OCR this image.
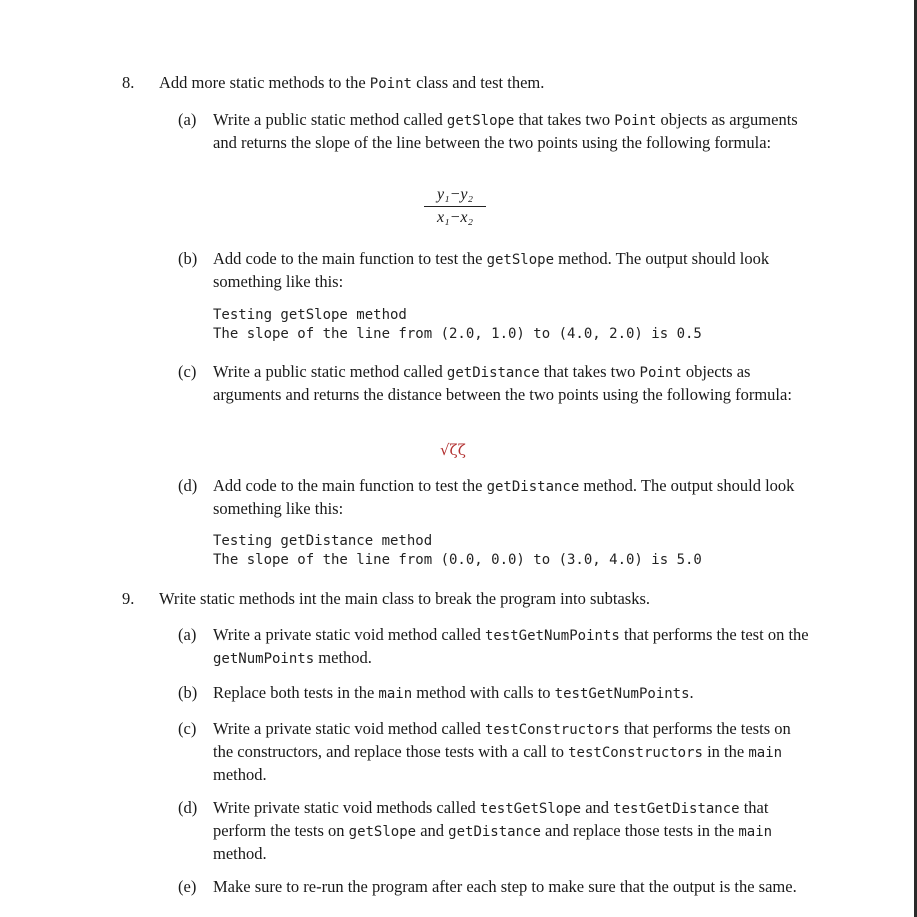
8. Add more static methods to the Point class and test them.
(a)	Write a public static method called getSlope that takes two Point objects as arguments and returns the slope of the line between the two points using the following formula:
y₁−y₂
x₁−x₂
(b) Add code to the main function to test the getSlope method. The output should look something like this:
Testing getSlope method
The slope of the line from (2.0, 1.0) to (4.0, 2.0) is 0.5
(c)	Write a public static method called getDistance that takes two Point objects as arguments and returns the distance between the two points using the following formula:
√ζζ
(d) Add code to the main function to test the getDistance method. The output should look something like this:
Testing getDistance method
The slope of the line from (0.0, 0.0) to (3.0, 4.0) is 5.0
9. Write static methods int the main class to break the program into subtasks.
(a)	Write a private static void method called testGetNumPoints that performs the test on the getNumPoints method.
(b) Replace both tests in the main method with calls to testGetNumPoints.
(c)	Write a private static void method called testConstructors that performs the tests on the constructors, and replace those tests with a call to testConstructors in the main method.
(d) Write private static void methods called testGetSlope and testGetDistance that perform the tests on getSlope and getDistance and replace those tests in the main method.
(e)	Make sure to re-run the program after each step to make sure that the output is the same.
